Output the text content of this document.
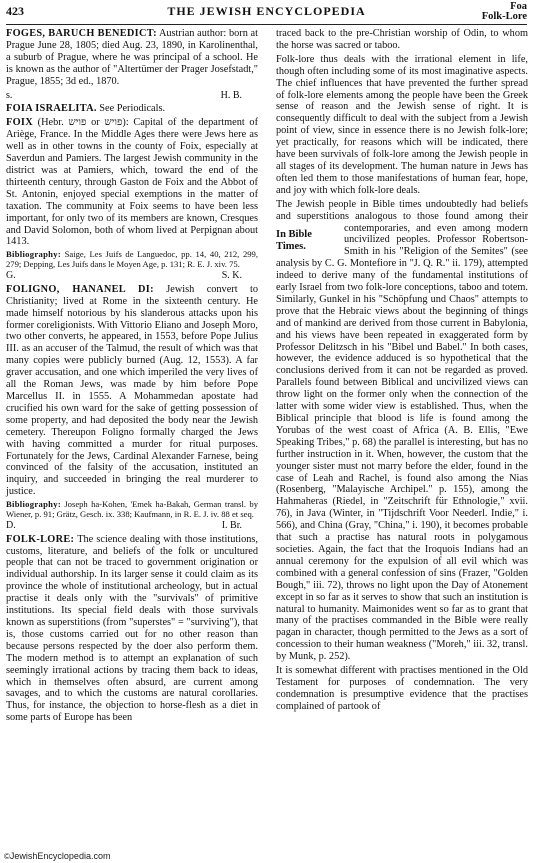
423	THE JEWISH ENCYCLOPEDIA	Foa
Folk-Lore

FOGES, BARUCH BENEDICT: Austrian author: born at Prague June 28, 1805; died Aug. 23, 1890, in Karolinenthal, a suburb of Prague, where he was principal of a school. He is known as the author of "Altertümer der Prager Josefstadt," Prague, 1855; 3d ed., 1870.

s.	H. B.

FOIA ISRAELITA. See Periodicals.

FOIX (Hebr. פויש or פויש): Capital of the department of Ariège, France. In the Middle Ages there were Jews here as well as in other towns in the county of Foix, especially at Saverdun and Pamiers. The largest Jewish community in the district was at Pamiers, which, toward the end of the thirteenth century, through Gaston de Foix and the Abbot of St. Antonin, enjoyed special exemptions in the matter of taxation. The community at Foix seems to have been less important, for only two of its members are known, Cresques and David Solomon, both of whom lived at Perpignan about 1413.

Bibliography: Saige, Les Juifs de Languedoc, pp. 14, 40, 212, 299, 279; Depping, Les Juifs dans le Moyen Age, p. 131; R. E. J. xiv. 75.

G.	S. K.

FOLIGNO, HANANEL DI: Jewish convert to Christianity; lived at Rome in the sixteenth century. He made himself notorious by his slanderous attacks upon his former coreligionists. With Vittorio Eliano and Joseph Moro, two other converts, he appeared, in 1553, before Pope Julius III. as an accuser of the Talmud, the result of which was that many copies were publicly burned (Aug. 12, 1553). A far graver accusation, and one which imperiled the very lives of all the Roman Jews, was made by him before Pope Marcellus II. in 1555. A Mohammedan apostate had crucified his own ward for the sake of getting possession of some property, and had deposited the body near the Jewish cemetery. Thereupon Foligno formally charged the Jews with having committed a murder for ritual purposes. Fortunately for the Jews, Cardinal Alexander Farnese, being convinced of the falsity of the accusation, instituted an inquiry, and succeeded in bringing the real murderer to justice.

Bibliography: Joseph ha-Kohen, 'Emek ha-Bakah, German transl. by Wiener, p. 91; Grätz, Gesch. ix. 338; Kaufmann, in R. E. J. iv. 88 et seq.

D.	I. Br.

FOLK-LORE: The science dealing with those institutions, customs, literature, and beliefs of the folk or uncultured people that can not be traced to government origination or individual authorship. In its larger sense it could claim as its province the whole of institutional archeology, but in actual practise it deals only with the "survivals" of primitive institutions. Its special field deals with those survivals known as superstitions (from "superstes" = "surviving"), that is, those customs carried out for no other reason than because persons respected by the doer also perform them. The modern method is to attempt an explanation of such seemingly irrational actions by tracing them back to ideas, which in themselves often absurd, are current among savages, and to which the customs are natural corollaries. Thus, for instance, the objection to horse-flesh as a diet in some parts of Europe has been

traced back to the pre-Christian worship of Odin, to whom the horse was sacred or taboo.

Folk-lore thus deals with the irrational element in life, though often including some of its most imaginative aspects. The chief influences that have prevented the further spread of folk-lore elements among the people have been the Greek sense of reason and the Jewish sense of right. It is consequently difficult to deal with the subject from a Jewish point of view, since in essence there is no Jewish folk-lore; yet practically, for reasons which will be indicated, there have been survivals of folk-lore among the Jewish people in all stages of its development. The human nature in Jews has often led them to those manifestations of human fear, hope, and joy with which folk-lore deals.

The Jewish people in Bible times undoubtedly had beliefs and superstitions analogous to those found among their contemporaries, and even among
In Bible Times.
modern uncivilized peoples. Professor Robertson-Smith in his "Religion of the Semites" (see analysis by C. G. Montefiore in "J. Q. R." ii. 179), attempted indeed to derive many of the fundamental institutions of early Israel from two folk-lore conceptions, taboo and totem. Similarly, Gunkel in his "Schöpfung und Chaos" attempts to prove that the Hebraic views about the beginning of things and of mankind are derived from those current in Babylonia, and his views have been repeated in exaggerated form by Professor Delitzsch in his "Bibel und Babel." In both cases, however, the evidence adduced is so hypothetical that the conclusions derived from it can not be regarded as proved. Parallels found between Biblical and uncivilized views can throw light on the former only when the connection of the latter with some wider view is established. Thus, when the Biblical principle that blood is life is found among the Yorubas of the west coast of Africa (A. B. Ellis, "Ewe Speaking Tribes," p. 68) the parallel is interesting, but has no further instruction in it. When, however, the custom that the younger sister must not marry before the elder, found in the case of Leah and Rachel, is found also among the Nias (Rosenberg, "Malayische Archipel." p. 155), among the Hahmaheras (Riedel, in "Zeitschrift für Ethnologie," xvii. 76), in Java (Winter, in "Tijdschrift Voor Neederl. Indie," i. 566), and China (Gray, "China," i. 190), it becomes probable that such a practise has natural roots in polygamous societies. Again, the fact that the Iroquois Indians had an annual ceremony for the expulsion of all evil which was combined with a general confession of sins (Frazer, "Golden Bough," iii. 72), throws no light upon the Day of Atonement except in so far as it serves to show that such an institution is natural to humanity. Maimonides went so far as to grant that many of the practises commanded in the Bible were really pagan in character, though permitted to the Jews as a sort of concession to their human weakness ("Moreh," iii. 32, transl. by Munk, p. 252).

It is somewhat different with practises mentioned in the Old Testament for purposes of condemnation. The very condemnation is presumptive evidence that the practises complained of partook of

©JewishEncyclopedia.com
